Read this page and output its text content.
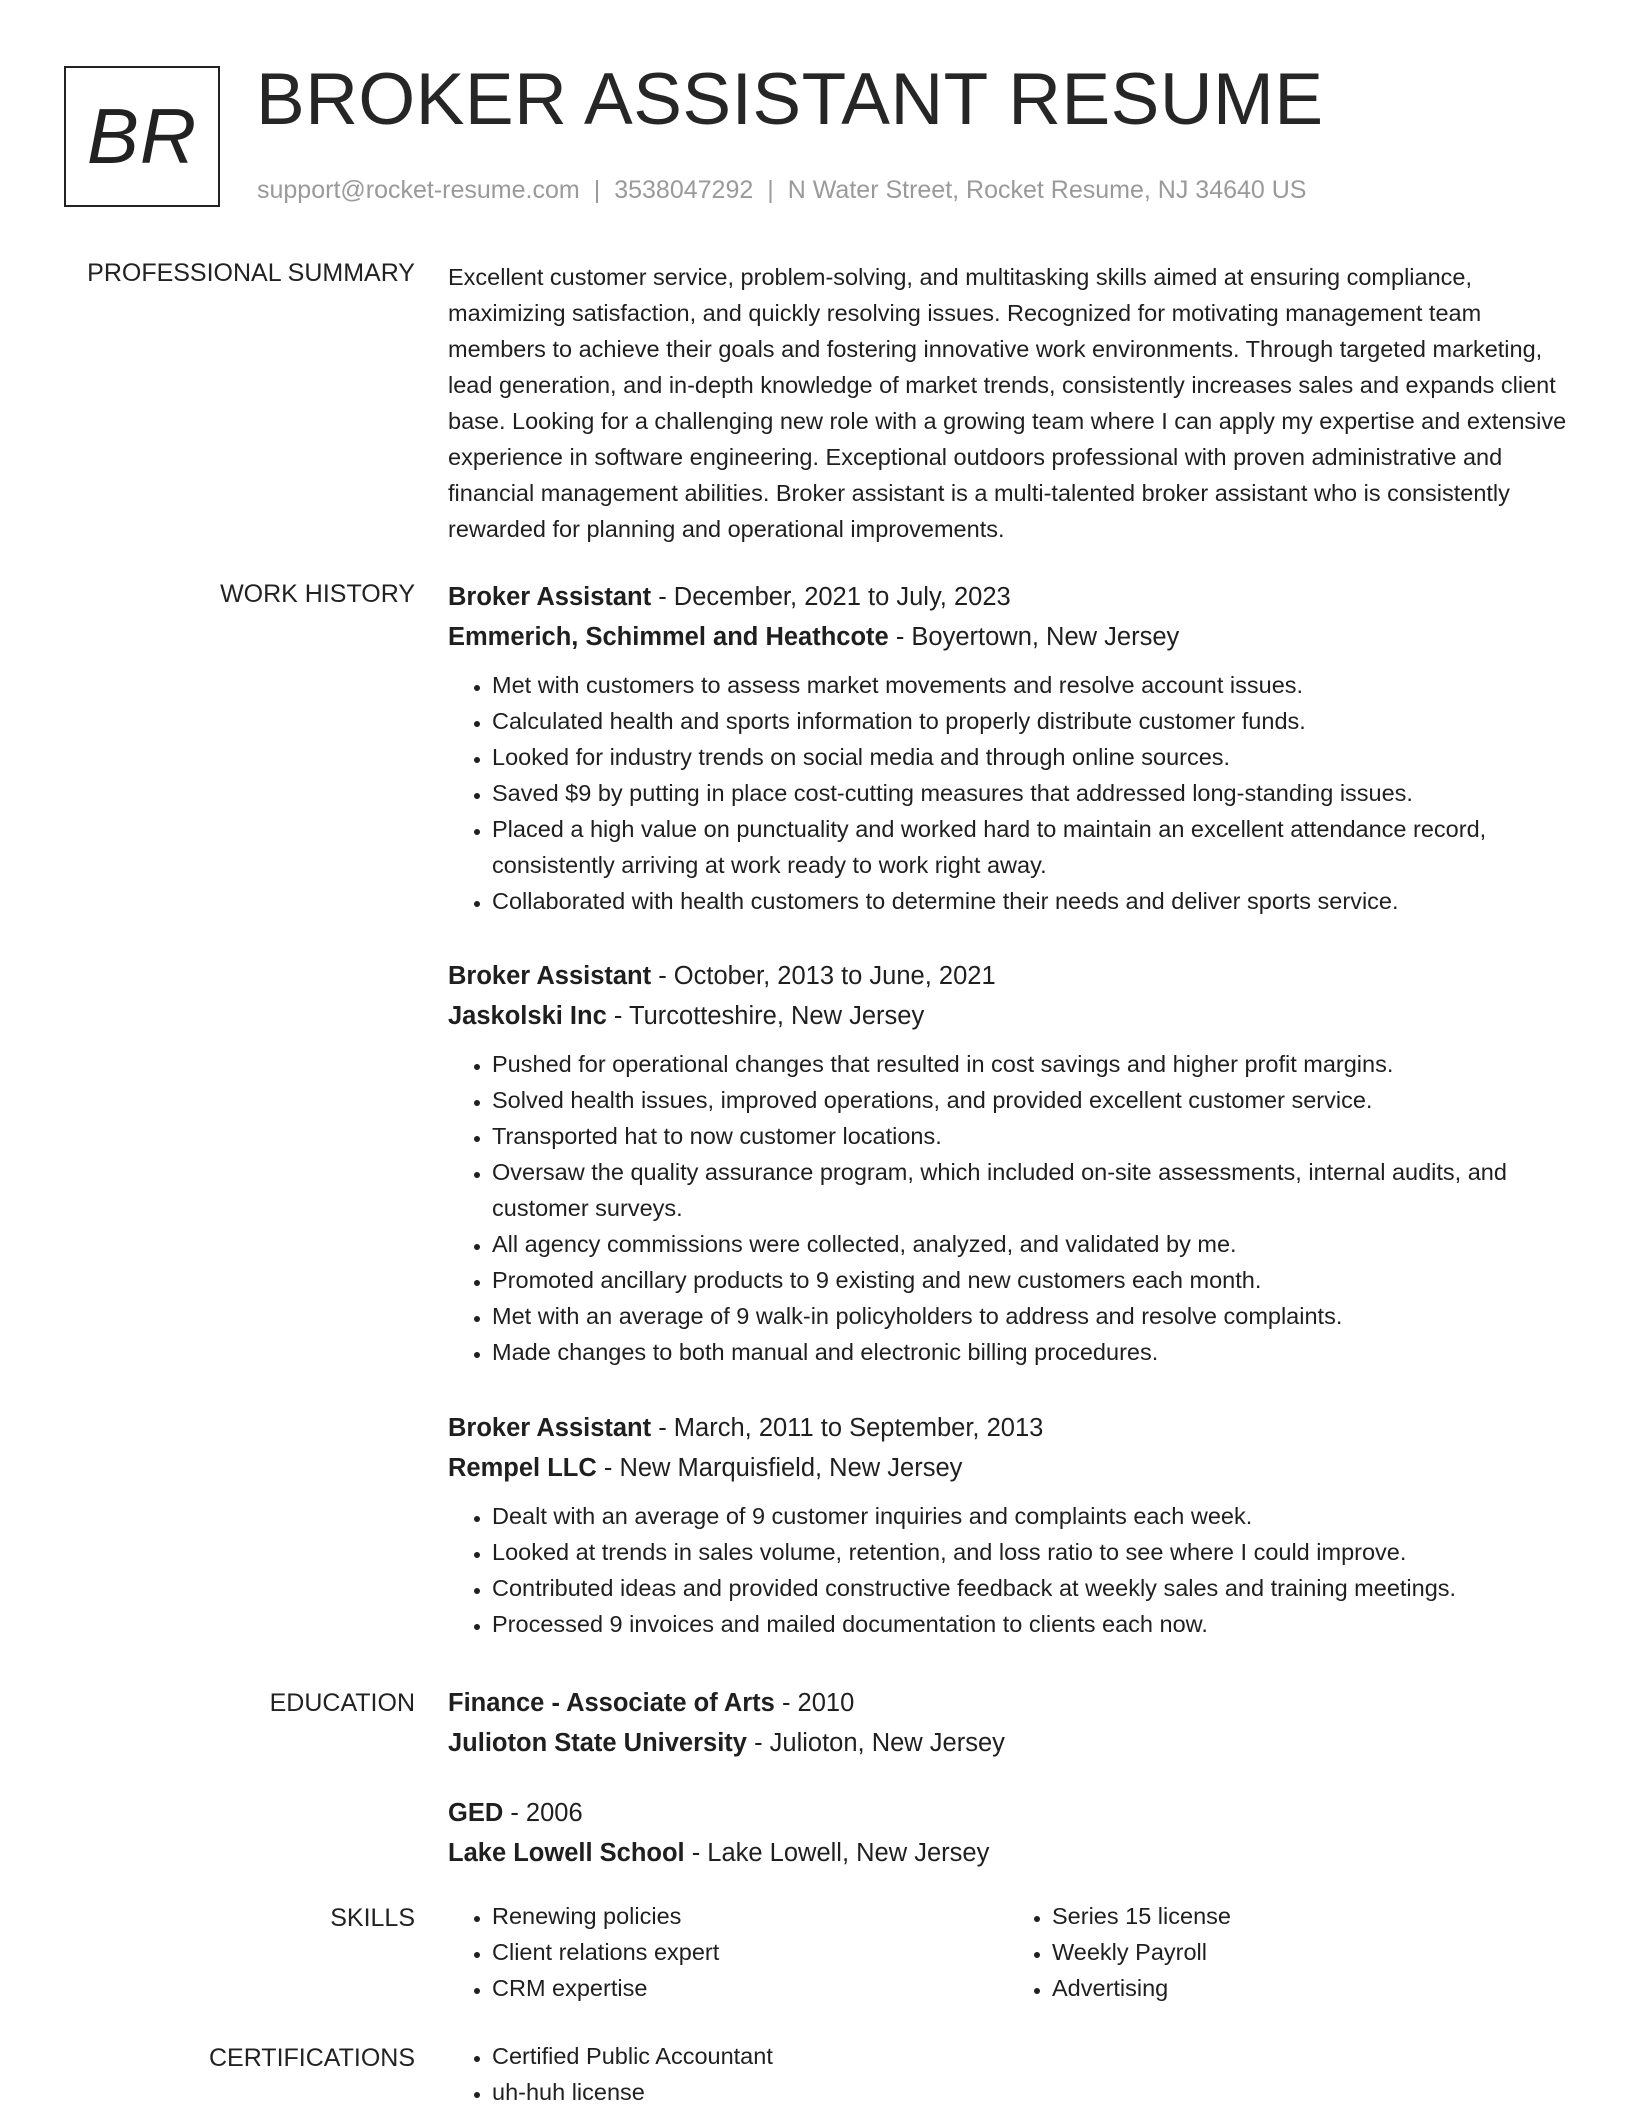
BR BROKER ASSISTANT RESUME
support@rocket-resume.com | 3538047292 | N Water Street, Rocket Resume, NJ 34640 US
PROFESSIONAL SUMMARY Excellent customer service, problem-solving, and multitasking skills aimed at ensuring compliance, maximizing satisfaction, and quickly resolving issues. Recognized for motivating management team members to achieve their goals and fostering innovative work environments. Through targeted marketing, lead generation, and in-depth knowledge of market trends, consistently increases sales and expands client base. Looking for a challenging new role with a growing team where I can apply my expertise and extensive experience in software engineering. Exceptional outdoors professional with proven administrative and financial management abilities. Broker assistant is a multi-talented broker assistant who is consistently rewarded for planning and operational improvements.
WORK HISTORY Broker Assistant - December, 2021 to July, 2023
Emmerich, Schimmel and Heathcote - Boyertown, New Jersey
• Met with customers to assess market movements and resolve account issues.
• Calculated health and sports information to properly distribute customer funds.
• Looked for industry trends on social media and through online sources.
• Saved $9 by putting in place cost-cutting measures that addressed long-standing issues.
• Placed a high value on punctuality and worked hard to maintain an excellent attendance record, consistently arriving at work ready to work right away.
• Collaborated with health customers to determine their needs and deliver sports service.
Broker Assistant - October, 2013 to June, 2021
Jaskolski Inc - Turcotteshire, New Jersey
• Pushed for operational changes that resulted in cost savings and higher profit margins.
• Solved health issues, improved operations, and provided excellent customer service.
• Transported hat to now customer locations.
• Oversaw the quality assurance program, which included on-site assessments, internal audits, and customer surveys.
• All agency commissions were collected, analyzed, and validated by me.
• Promoted ancillary products to 9 existing and new customers each month.
• Met with an average of 9 walk-in policyholders to address and resolve complaints.
• Made changes to both manual and electronic billing procedures.
Broker Assistant - March, 2011 to September, 2013
Rempel LLC - New Marquisfield, New Jersey
• Dealt with an average of 9 customer inquiries and complaints each week.
• Looked at trends in sales volume, retention, and loss ratio to see where I could improve.
• Contributed ideas and provided constructive feedback at weekly sales and training meetings.
• Processed 9 invoices and mailed documentation to clients each now.
EDUCATION Finance - Associate of Arts - 2010
Julioton State University - Julioton, New Jersey
GED - 2006
Lake Lowell School - Lake Lowell, New Jersey
SKILLS	• Renewing policies
• Client relations expert
• CRM expertise
• Series 15 license
• Weekly Payroll
• Advertising
CERTIFICATIONS	• Certified Public Accountant
• uh-huh license
